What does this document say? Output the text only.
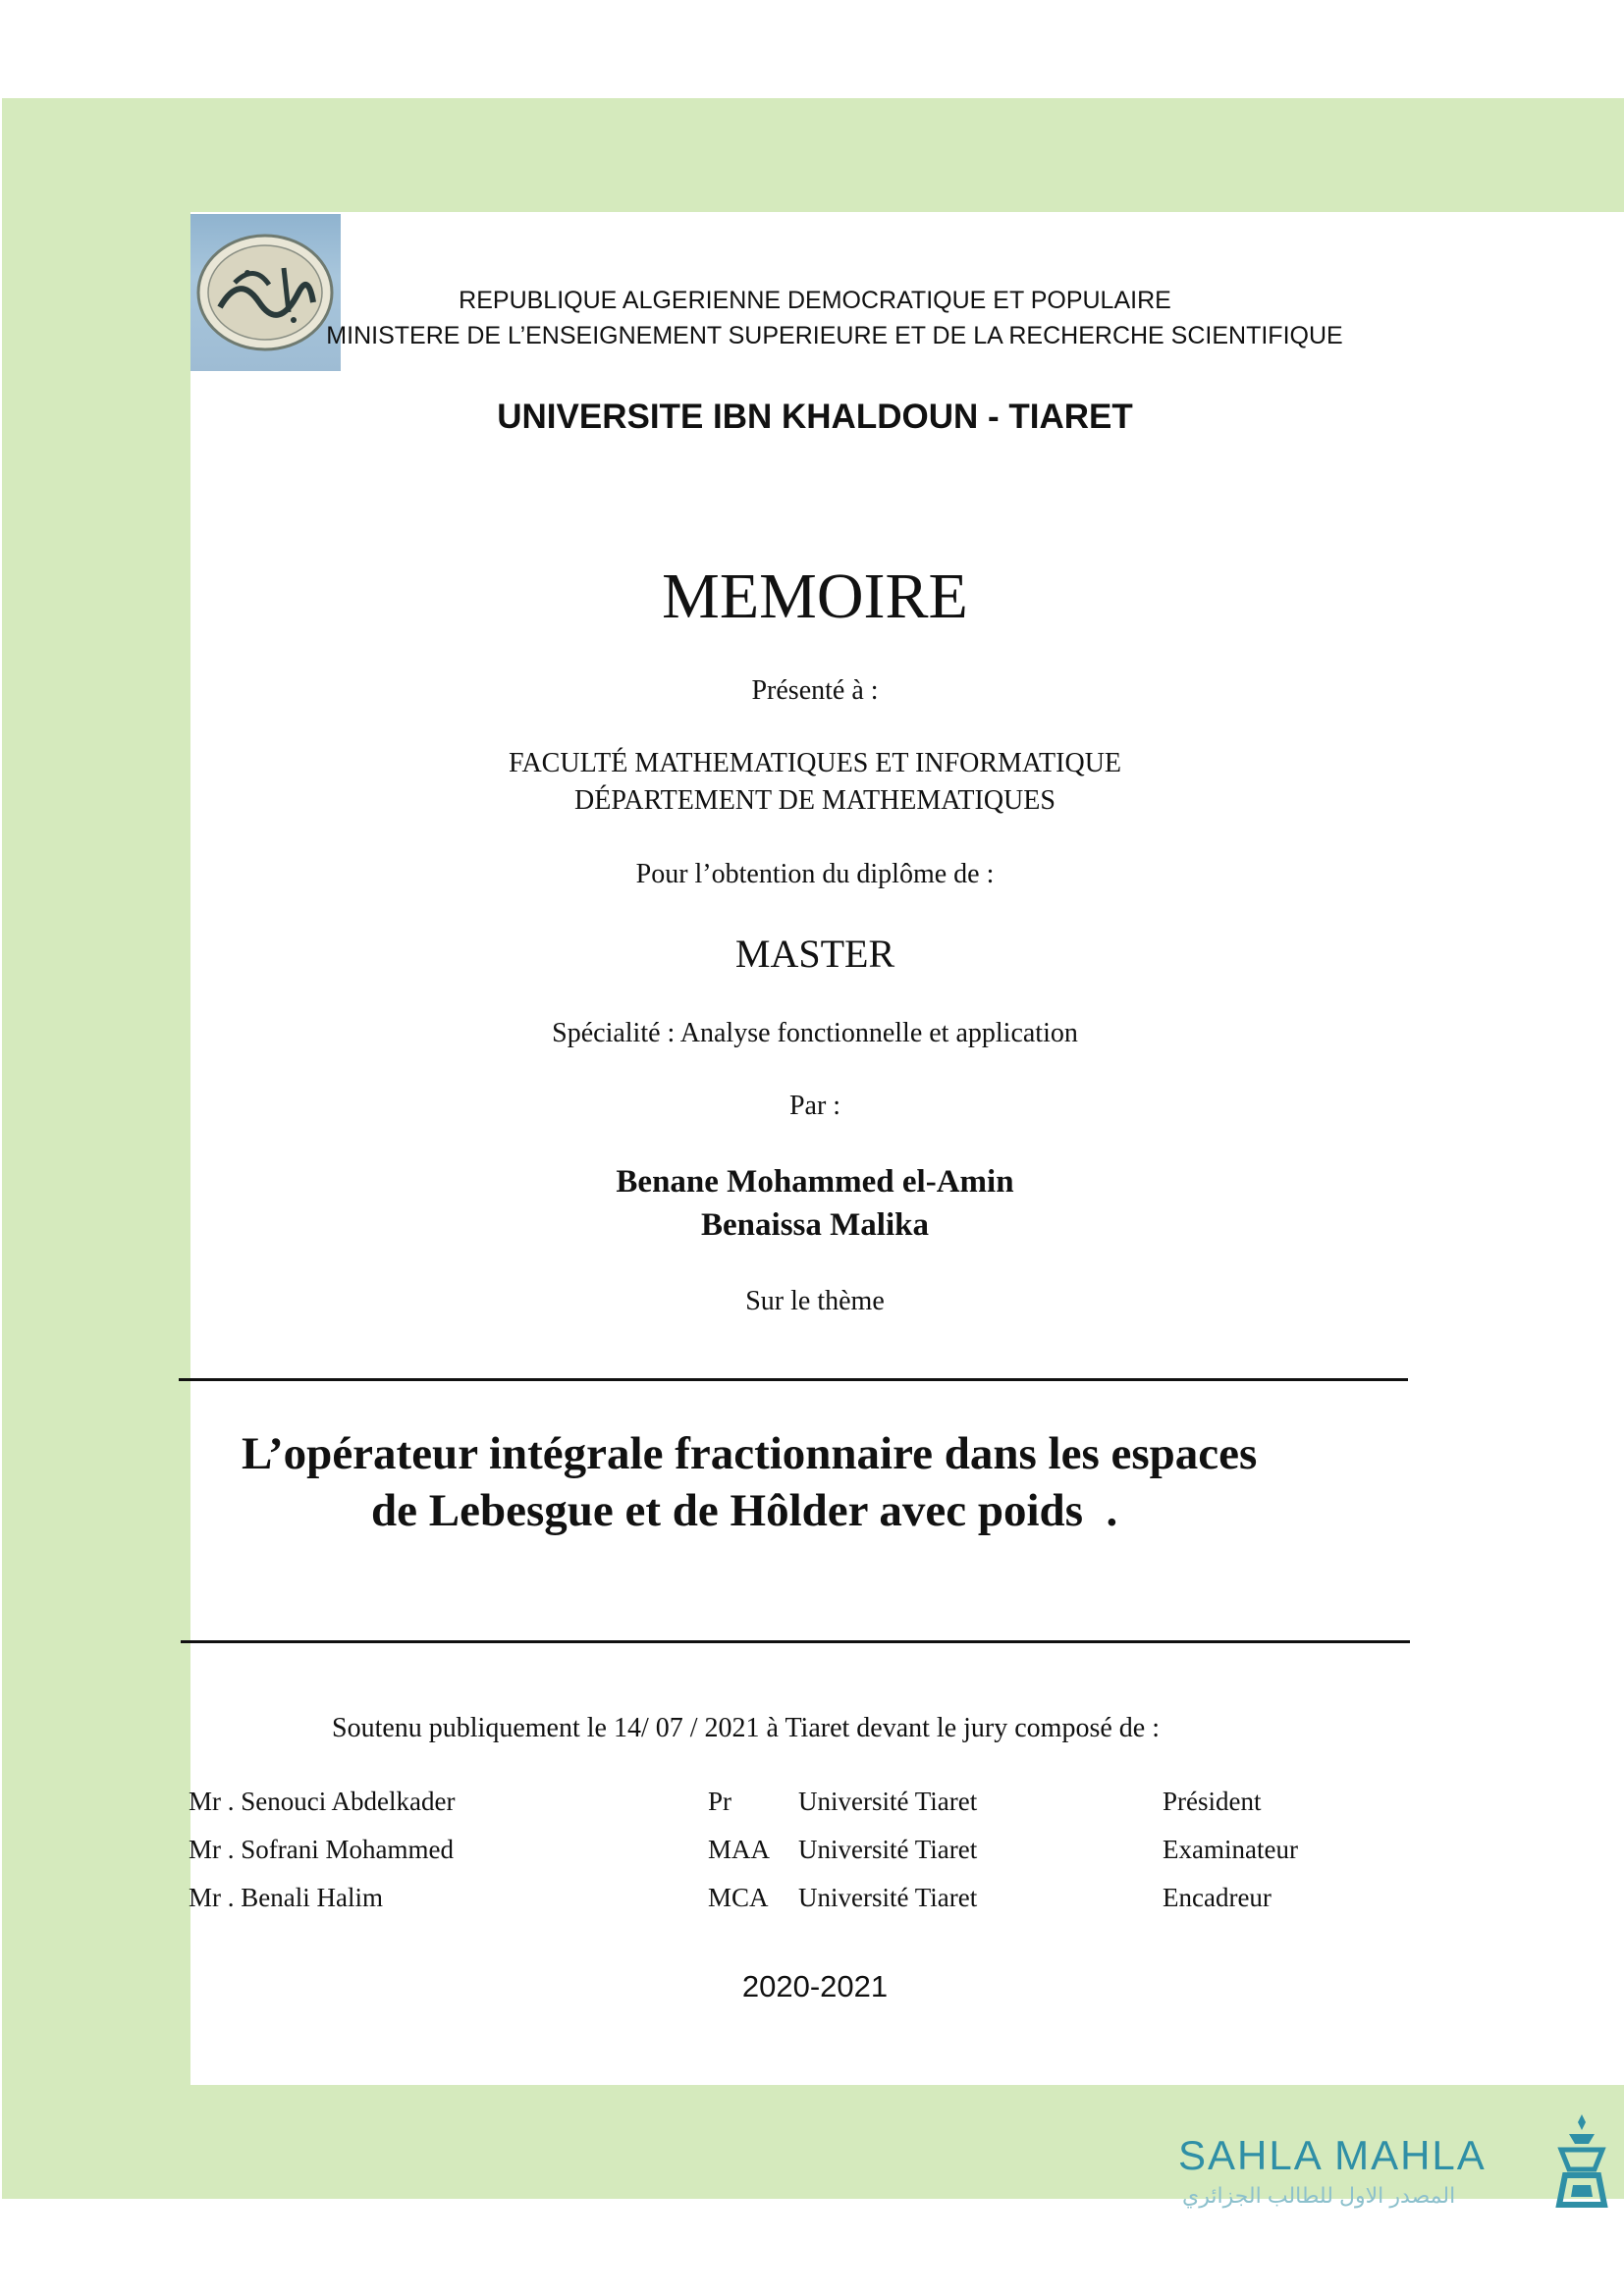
REPUBLIQUE ALGERIENNE DEMOCRATIQUE ET POPULAIRE
MINISTERE DE L’ENSEIGNEMENT SUPERIEURE ET DE LA RECHERCHE SCIENTIFIQUE
UNIVERSITE IBN KHALDOUN - TIARET
MEMOIRE
Présenté à :
FACULTÉ MATHEMATIQUES ET INFORMATIQUE
DÉPARTEMENT DE MATHEMATIQUES
Pour l’obtention du diplôme de :
MASTER
Spécialité : Analyse fonctionnelle et application
Par :
Benane Mohammed el-Amin
Benaissa Malika
Sur le thème
L’opérateur intégrale fractionnaire dans les espaces
de Lebesgue et de Hôlder avec poids  .
Soutenu publiquement le 14/ 07 / 2021 à Tiaret devant le jury composé de :
Mr . Senouci Abdelkader	Pr	Université Tiaret	Président
Mr . Sofrani Mohammed	MAA Université Tiaret	Examinateur
Mr . Benali Halim	MCA Université Tiaret	Encadreur
2020-2021
SAHLA MAHLA
المصدر الاول للطالب الجزائري
